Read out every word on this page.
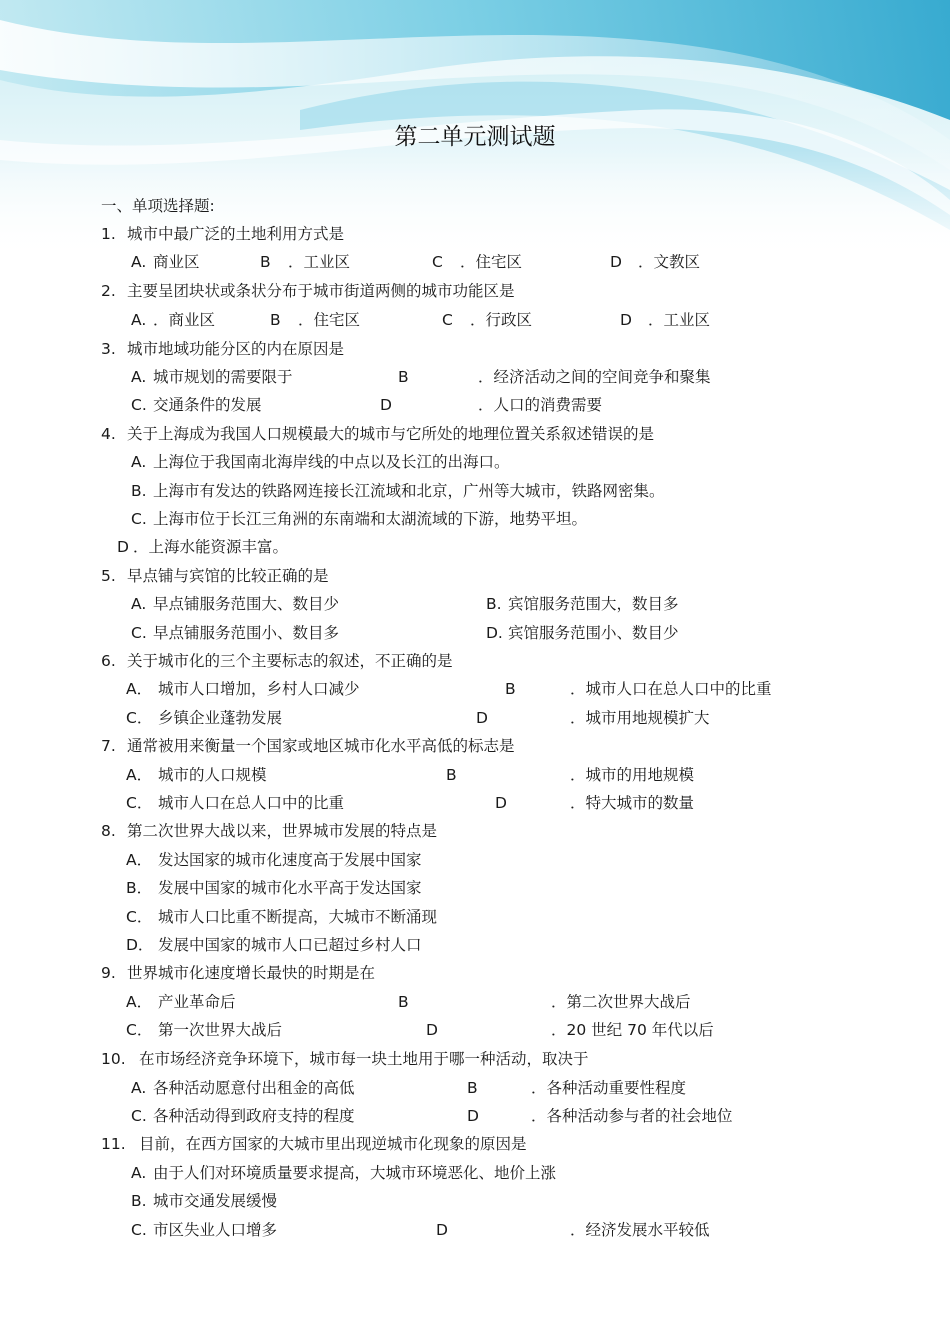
第二单元测试题
一、单项选择题:
1. 城市中最广泛的土地利用方式是
A. 商业区	B ．工业区	C ．住宅区	D ．文教区
2. 主要呈团块状或条状分布于城市街道两侧的城市功能区是
A. ．商业区	B ．住宅区	C ．行政区	D ．工业区
3. 城市地域功能分区的内在原因是
A. 城市规划的需要限于	B	．经济活动之间的空间竞争和聚集
C. 交通条件的发展	D	．人口的消费需要
4. 关于上海成为我国人口规模最大的城市与它所处的地理位置关系叙述错误的是
A. 上海位于我国南北海岸线的中点以及长江的出海口。
B. 上海市有发达的铁路网连接长江流域和北京，广州等大城市，铁路网密集。
C. 上海市位于长江三角洲的东南端和太湖流域的下游，地势平坦。
D ．上海水能资源丰富。
5. 早点铺与宾馆的比较正确的是
A. 早点铺服务范围大、数目少	B. 宾馆服务范围大，数目多
C. 早点铺服务范围小、数目多	D. 宾馆服务范围小、数目少
6. 关于城市化的三个主要标志的叙述，不正确的是
A． 城市人口增加，乡村人口减少	B	．城市人口在总人口中的比重
C． 乡镇企业蓬勃发展	D	．城市用地规模扩大
7. 通常被用来衡量一个国家或地区城市化水平高低的标志是
A． 城市的人口规模	B	．城市的用地规模
C． 城市人口在总人口中的比重	D	．特大城市的数量
8. 第二次世界大战以来，世界城市发展的特点是
A． 发达国家的城市化速度高于发展中国家
B． 发展中国家的城市化水平高于发达国家
C． 城市人口比重不断提高，大城市不断涌现
D． 发展中国家的城市人口已超过乡村人口
9. 世界城市化速度增长最快的时期是在
A． 产业革命后	B	．第二次世界大战后
C． 第一次世界大战后	D	．20 世纪 70 年代以后
10. 在市场经济竞争环境下，城市每一块土地用于哪一种活动，取决于
A. 各种活动愿意付出租金的高低	B	．各种活动重要性程度
C. 各种活动得到政府支持的程度	D	．各种活动参与者的社会地位
11. 目前，在西方国家的大城市里出现逆城市化现象的原因是
A. 由于人们对环境质量要求提高，大城市环境恶化、地价上涨
B. 城市交通发展缓慢
C. 市区失业人口增多	D	．经济发展水平较低
